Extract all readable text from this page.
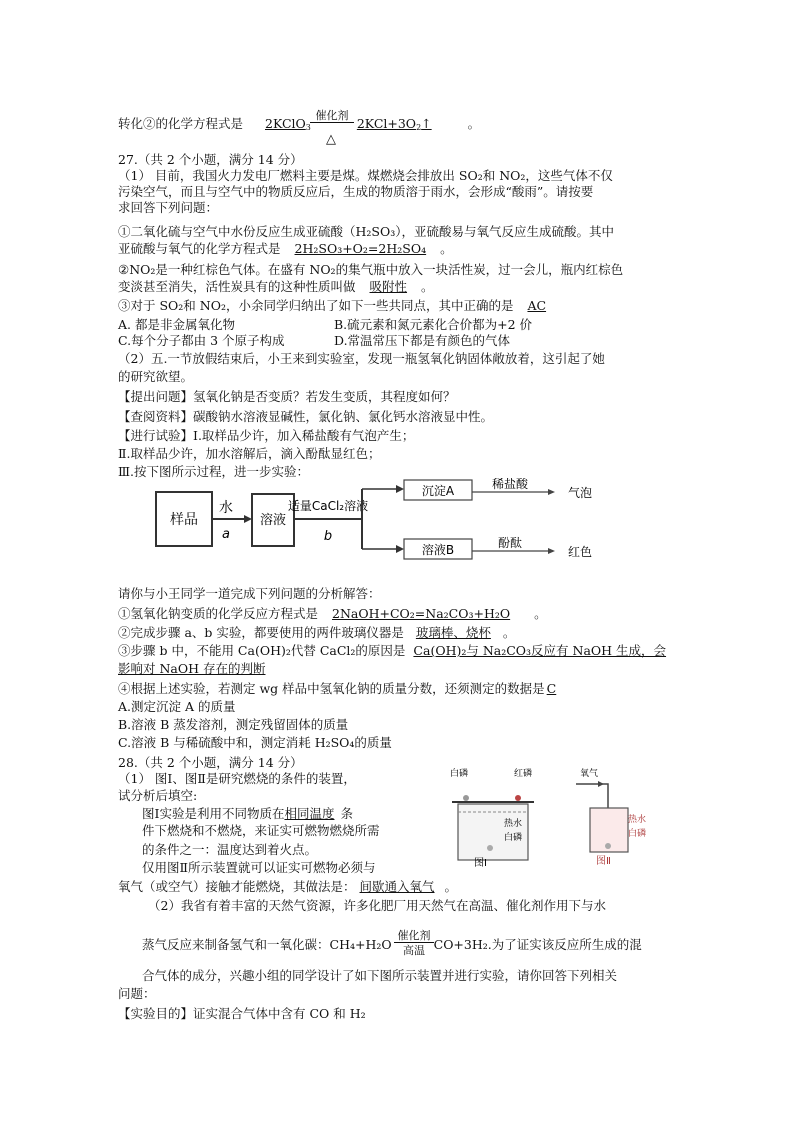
转化②的化学方程式是 2KClO$_3$	$2KCl+3O_2↑$	。
催化剂
△
27.（共 2 个小题，满分 14 分）
（1） 目前，我国火力发电厂燃料主要是煤。煤燃烧会排放出 SO₂和 NO₂，这些气体不仅
污染空气，而且与空气中的物质反应后，生成的物质溶于雨水，会形成“酸雨”。请按要
求回答下列问题：
①二氧化硫与空气中水份反应生成亚硫酸（H₂SO₃），亚硫酸易与氧气反应生成硫酸。其中
亚硫酸与氧气的化学方程式是 2H₂SO₃+O₂=2H₂SO₄ 。
②NO₂是一种红棕色气体。在盛有 NO₂的集气瓶中放入一块活性炭，过一会儿，瓶内红棕色
变淡甚至消失，活性炭具有的这种性质叫做 吸附性 。
③对于 SO₂和 NO₂，小余同学归纳出了如下一些共同点，其中正确的是 AC
A. 都是非金属氧化物	B.硫元素和氮元素化合价都为+2 价
C.每个分子都由 3 个原子构成	D.常温常压下都是有颜色的气体
（2）五.一节放假结束后，小王来到实验室，发现一瓶氢氧化钠固体敞放着，这引起了她
的研究欲望。
【提出问题】氢氧化钠是否变质？若发生变质，其程度如何？
【查阅资料】碳酸钠水溶液显碱性，氯化钠、氯化钙水溶液显中性。
【进行试验】Ⅰ.取样品少许，加入稀盐酸有气泡产生；
Ⅱ.取样品少许，加水溶解后，滴入酚酞显红色；
Ⅲ.按下图所示过程，进一步实验：
样品
水
a
溶液
适量CaCl₂溶液
b
沉淀A
溶液B
稀盐酸
气泡
酚酞
红色
请你与小王同学一道完成下列问题的分析解答：
①氢氧化钠变质的化学反应方程式是 2NaOH+CO₂=Na₂CO₃+H₂O 。
②完成步骤 a、b 实验，都要使用的两件玻璃仪器是 玻璃棒、烧杯 。
③步骤 b 中，不能用 Ca(OH)₂代替 CaCl₂的原因是 Ca(OH)₂与 Na₂CO₃反应有 NaOH 生成，会
影响对 NaOH 存在的判断
④根据上述实验，若测定 wg 样品中氢氧化钠的质量分数，还须测定的数据是 C
A.测定沉淀 A 的质量
B.溶液 B 蒸发溶剂，测定残留固体的质量
C.溶液 B 与稀硫酸中和，测定消耗 H₂SO₄的质量
28.（共 2 个小题，满分 14 分）
（1） 图Ⅰ、图Ⅱ是研究燃烧的条件的装置，
试分析后填空:
图Ⅰ实验是利用不同物质在相同温度 条
件下燃烧和不燃烧，来证实可燃物燃烧所需
的条件之一：温度达到着火点。
仅用图Ⅱ所示装置就可以证实可燃物必须与
氧气（或空气）接触才能燃烧，其做法是： 间歇通入氧气 。
白磷	红磷
热水
白磷
图Ⅰ
氧气
热水
白磷
图Ⅱ
（2）我省有着丰富的天然气资源，许多化肥厂用天然气在高温、催化剂作用下与水
蒸气反应来制备氢气和一氧化碳：CH₄+H₂O	CO+3H₂.为了证实该反应所生成的混
催化剂
高温
合气体的成分，兴趣小组的同学设计了如下图所示装置并进行实验，请你回答下列相关
问题：
【实验目的】证实混合气体中含有 CO 和 H₂
